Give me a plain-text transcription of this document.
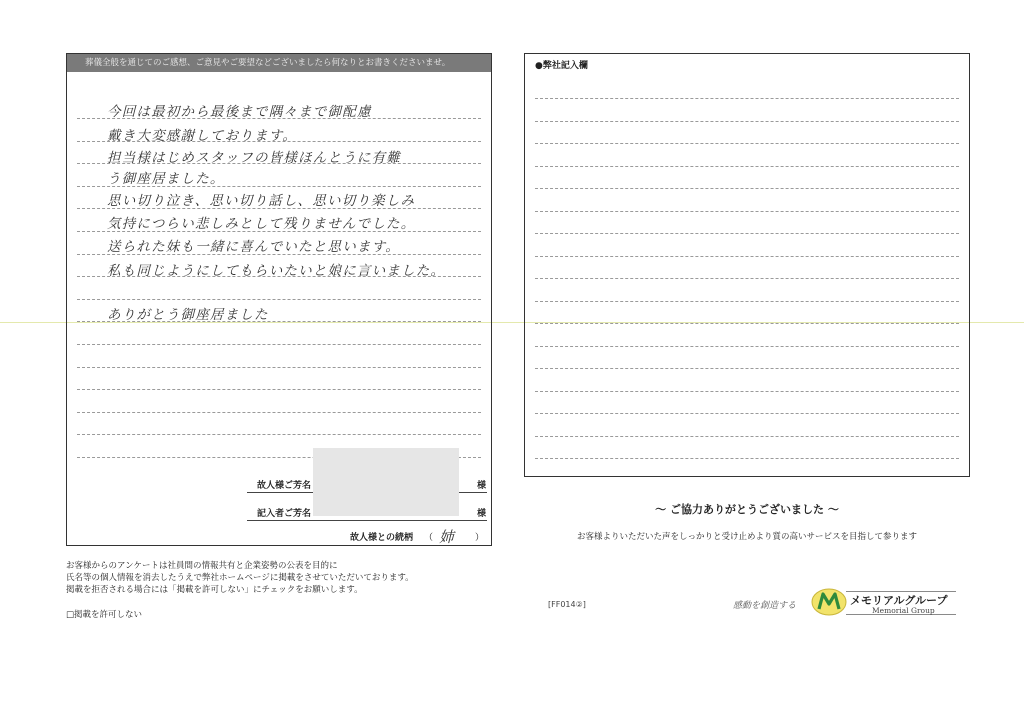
葬儀全般を通じてのご感想、ご意見やご要望などございましたら何なりとお書きくださいませ。
今回は最初から最後まで隅々まで御配慮
戴き大変感謝しております。
担当様はじめスタッフの皆様ほんとうに有難
う御座居ました。
思い切り泣き、思い切り話し、思い切り楽しみ
気持につらい悲しみとして残りませんでした。
送られた妹も一緒に喜んでいたと思います。
私も同じようにしてもらいたいと娘に言いました。
ありがとう御座居ました
故人様ご芳名	様
記入者ご芳名	様
故人様との続柄 （ 姉 ）
●弊社記入欄
～ ご協力ありがとうございました ～
お客様よりいただいた声をしっかりと受け止めより質の高いサービスを目指して参ります
お客様からのアンケートは社員間の情報共有と企業姿勢の公表を目的に
氏名等の個人情報を消去したうえで弊社ホームページに掲載をさせていただいております。
掲載を拒否される場合には「掲載を許可しない」にチェックをお願いします。
□掲載を許可しない
[FF014②]	感動を創造する	メモリアルグループ
Memorial Group
